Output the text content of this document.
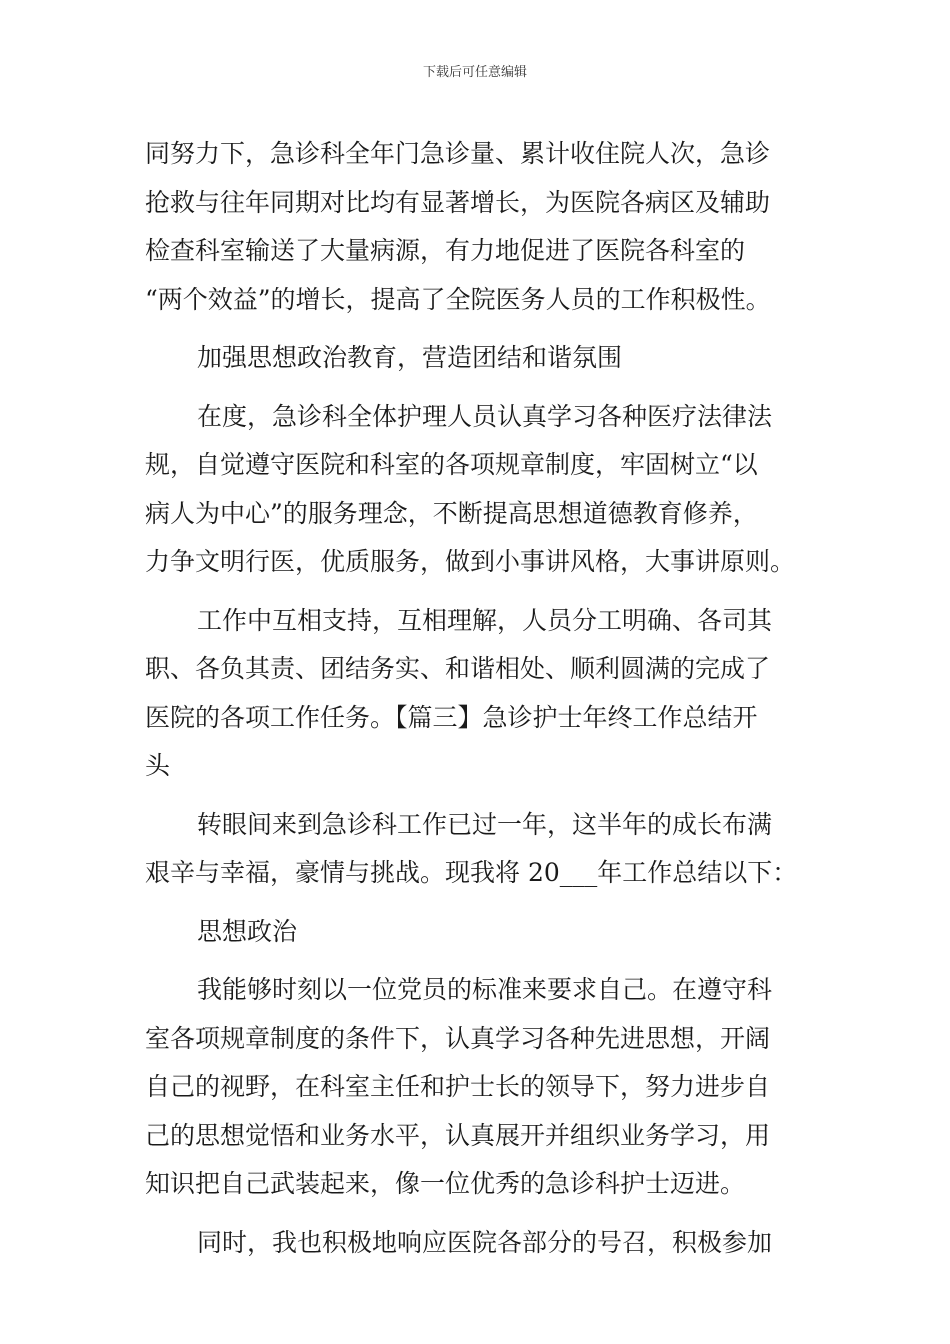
下载后可任意编辑
同努力下，急诊科全年门急诊量、累计收住院人次，急诊
抢救与往年同期对比均有显著增长，为医院各病区及辅助
检查科室输送了大量病源，有力地促进了医院各科室的
“两个效益”的增长，提高了全院医务人员的工作积极性。
加强思想政治教育，营造团结和谐氛围
在度，急诊科全体护理人员认真学习各种医疗法律法
规，自觉遵守医院和科室的各项规章制度，牢固树立“以
病人为中心”的服务理念，不断提高思想道德教育修养，
力争文明行医，优质服务，做到小事讲风格，大事讲原则。
工作中互相支持，互相理解，人员分工明确、各司其
职、各负其责、团结务实、和谐相处、顺利圆满的完成了
医院的各项工作任务。【篇三】急诊护士年终工作总结开
头
转眼间来到急诊科工作已过一年，这半年的成长布满
艰辛与幸福，豪情与挑战。现我将 20___年工作总结以下：
思想政治
我能够时刻以一位党员的标准来要求自己。在遵守科
室各项规章制度的条件下，认真学习各种先进思想，开阔
自己的视野，在科室主任和护士长的领导下，努力进步自
己的思想觉悟和业务水平，认真展开并组织业务学习，用
知识把自己武装起来，像一位优秀的急诊科护士迈进。
同时，我也积极地响应医院各部分的号召，积极参加
